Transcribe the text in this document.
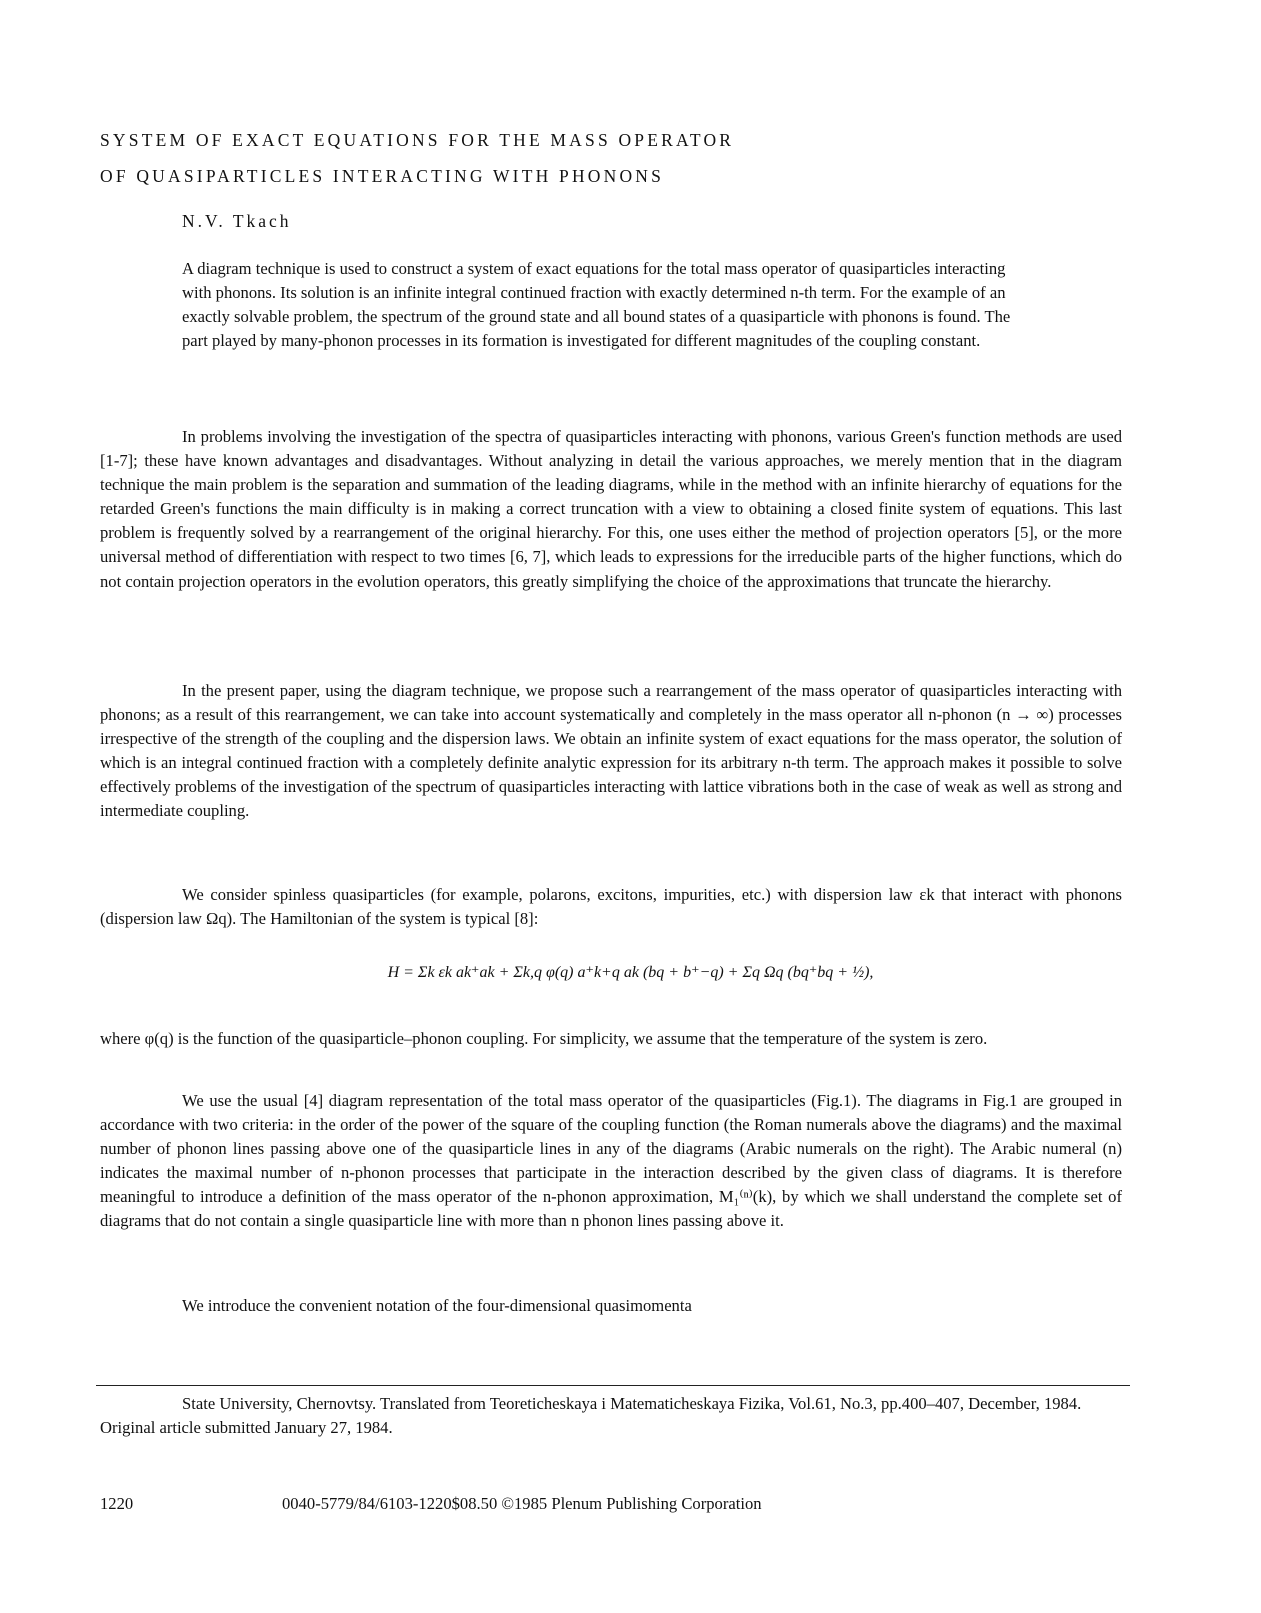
SYSTEM OF EXACT EQUATIONS FOR THE MASS OPERATOR
OF QUASIPARTICLES INTERACTING WITH PHONONS
N.V. Tkach
A diagram technique is used to construct a system of exact equations for the total mass operator of quasiparticles interacting with phonons. Its solution is an infinite integral continued fraction with exactly determined n-th term. For the example of an exactly solvable problem, the spectrum of the ground state and all bound states of a quasiparticle with phonons is found. The part played by many-phonon processes in its formation is investigated for different magnitudes of the coupling constant.

In problems involving the investigation of the spectra of quasiparticles interacting with phonons, various Green's function methods are used [1-7]; these have known advantages and disadvantages. Without analyzing in detail the various approaches, we merely mention that in the diagram technique the main problem is the separation and summation of the leading diagrams, while in the method with an infinite hierarchy of equations for the retarded Green's functions the main difficulty is in making a correct truncation with a view to obtaining a closed finite system of equations. This last problem is frequently solved by a rearrangement of the original hierarchy. For this, one uses either the method of projection operators [5], or the more universal method of differentiation with respect to two times [6, 7], which leads to expressions for the irreducible parts of the higher functions, which do not contain projection operators in the evolution operators, this greatly simplifying the choice of the approximations that truncate the hierarchy.

In the present paper, using the diagram technique, we propose such a rearrangement of the mass operator of quasiparticles interacting with phonons; as a result of this rearrangement, we can take into account systematically and completely in the mass operator all n-phonon (n → ∞) processes irrespective of the strength of the coupling and the dispersion laws. We obtain an infinite system of exact equations for the mass operator, the solution of which is an integral continued fraction with a completely definite analytic expression for its arbitrary n-th term. The approach makes it possible to solve effectively problems of the investigation of the spectrum of quasiparticles interacting with lattice vibrations both in the case of weak as well as strong and intermediate coupling.

We consider spinless quasiparticles (for example, polarons, excitons, impurities, etc.) with dispersion law εk that interact with phonons (dispersion law Ωq). The Hamiltonian of the system is typical [8]:

H = Σk εk ak⁺ak + Σk,q φ(q) a⁺k+q ak (bq + b⁺−q) + Σq Ωq (bq⁺bq + ½),

where φ(q) is the function of the quasiparticle–phonon coupling. For simplicity, we assume that the temperature of the system is zero.

We use the usual [4] diagram representation of the total mass operator of the quasiparticles (Fig.1). The diagrams in Fig.1 are grouped in accordance with two criteria: in the order of the power of the square of the coupling function (the Roman numerals above the diagrams) and the maximal number of phonon lines passing above one of the quasiparticle lines in any of the diagrams (Arabic numerals on the right). The Arabic numeral (n) indicates the maximal number of n-phonon processes that participate in the interaction described by the given class of diagrams. It is therefore meaningful to introduce a definition of the mass operator of the n-phonon approximation, M₁⁽ⁿ⁾(k), by which we shall understand the complete set of diagrams that do not contain a single quasiparticle line with more than n phonon lines passing above it.

We introduce the convenient notation of the four-dimensional quasimomenta

State University, Chernovtsy. Translated from Teoreticheskaya i Matematicheskaya Fizika, Vol.61, No.3, pp.400–407, December, 1984. Original article submitted January 27, 1984.

1220	0040-5779/84/6103-1220$08.50 ©1985 Plenum Publishing Corporation
